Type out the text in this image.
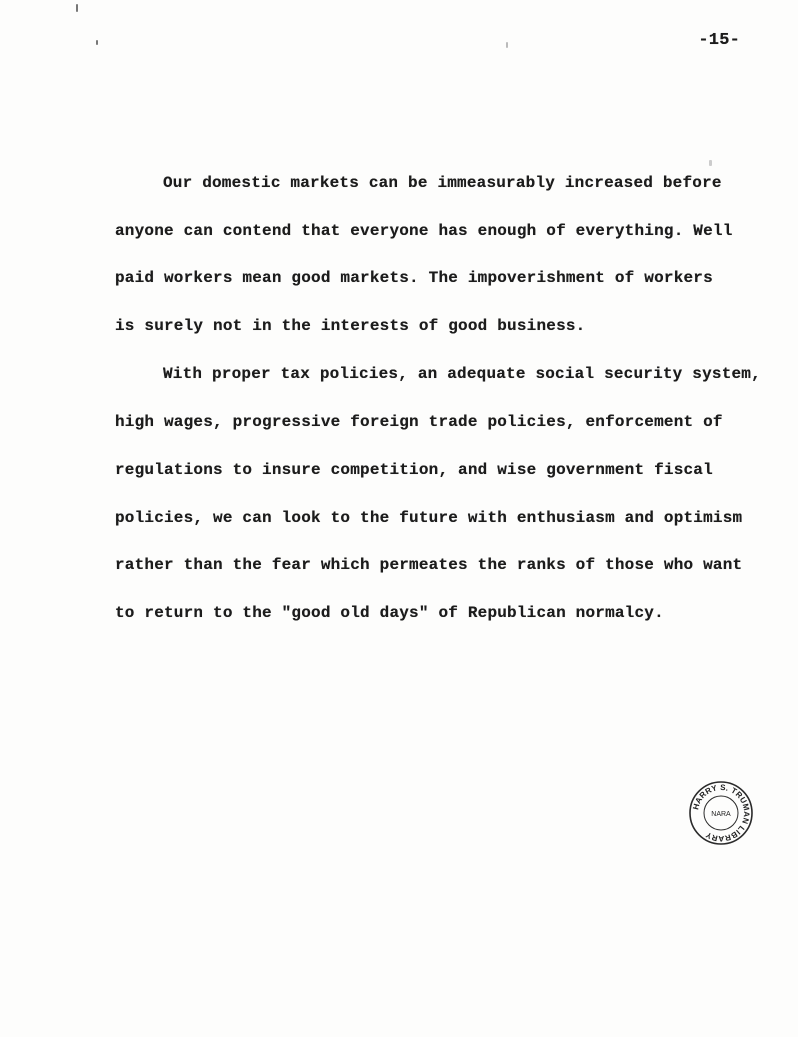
-15-
Our domestic markets can be immeasurably increased before
anyone can contend that everyone has enough of everything. Well
paid workers mean good markets. The impoverishment of workers
is surely not in the interests of good business.
With proper tax policies, an adequate social security system,
high wages, progressive foreign trade policies, enforcement of
regulations to insure competition, and wise government fiscal
policies, we can look to the future with enthusiasm and optimism
rather than the fear which permeates the ranks of those who want
to return to the "good old days" of Republican normalcy.
HARRY S. TRUMAN LIBRARY
NARA
